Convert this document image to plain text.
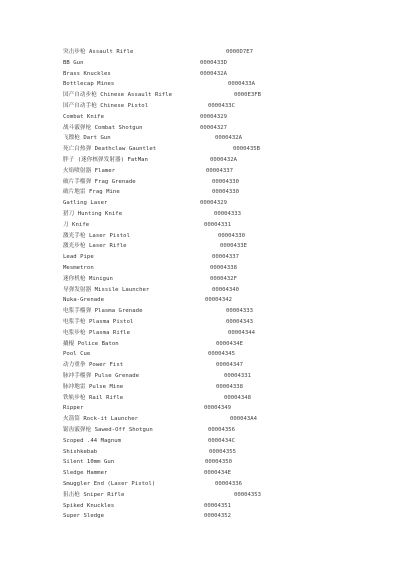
突击步枪 Assault Rifle	0000D7E7
BB Gun	0000433D
Brass Knuckles	0000432A
Bottlecap Mines	0000433A
国产自动步枪 Chinese Assault Rifle	0000E3FB
国产自动手枪 Chinese Pistol	0000433C
Combat Knife	00004329
战斗霰弹枪 Combat Shotgun	00004327
飞镖枪 Dart Gun	0000432A
死亡白热弹 Deathclaw Gauntlet	0000435B
胖子 (迷你核弹发射器) FatMan	0000432A
火焰喷射器 Flamer	00004337
破片手榴弹 Frag Grenade	00004330
破片地雷 Frag Mine	00004330
Gatling Laser	00004329
猎刀 Hunting Knife	00004333
刀 Knife	00004331
激光手枪 Laser Pistol	00004330
激光步枪 Laser Rifle	0000433E
Lead Pipe	00004337
Mesmetron	00004338
迷你机枪 Minigun	0000432F
导弹发射器 Missile Launcher	00004340
Nuka-Grenade	00004342
电浆手榴弹 Plasma Grenade	00004333
电浆手枪 Plasma Pistol	00004343
电浆步枪 Plasma Rifle	00004344
撬棍 Police Baton	0000434E
Pool Cue	00004345
动力重拳 Power Fist	00004347
脉冲手榴弹 Pulse Grenade	00004331
脉冲地雷 Pulse Mine	00004338
铁轨步枪 Rail Rifle	00004348
Ripper	00004349
火箭筒 Rock-it Launcher	000043A4
锯齿霰弹枪 Sawed-Off Shotgun	00004356
Scoped .44 Magnum	0000434C
Shishkebab	00004355
Silent 10mm Gun	00004350
Sledge Hammer	0000434E
Smuggler End (Laser Pistol)	00004336
狙击枪 Sniper Rifle	00004353
Spiked Knuckles	00004351
Super Sledge	00004352
